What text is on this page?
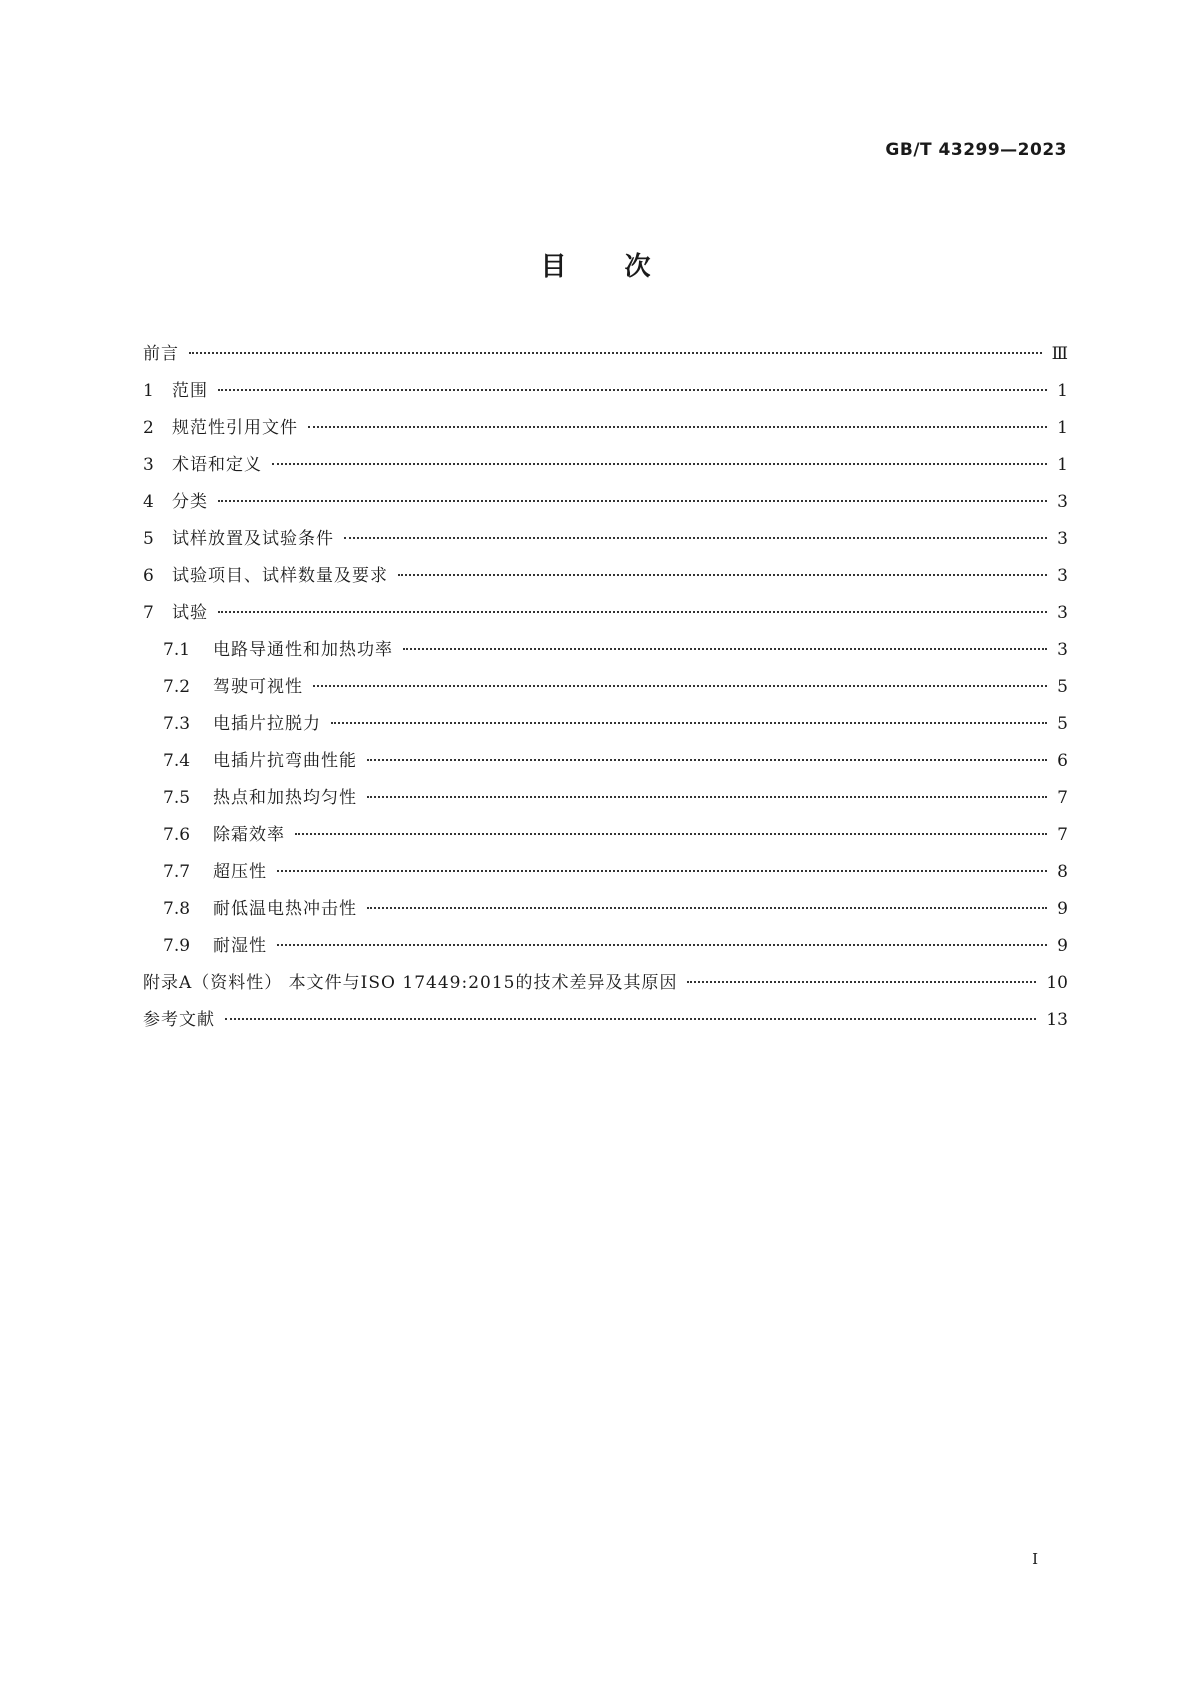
GB/T 43299—2023
目次
前言	Ⅲ
1	范围	1
2	规范性引用文件	1
3	术语和定义	1
4	分类	3
5	试样放置及试验条件	3
6	试验项目、试样数量及要求	3
7	试验	3
7.1	电路导通性和加热功率	3
7.2	驾驶可视性	5
7.3	电插片拉脱力	5
7.4	电插片抗弯曲性能	6
7.5	热点和加热均匀性	7
7.6	除霜效率	7
7.7	超压性	8
7.8	耐低温电热冲击性	9
7.9	耐湿性	9
附录A（资料性） 本文件与ISO 17449:2015的技术差异及其原因	10
参考文献	13
Ⅰ
